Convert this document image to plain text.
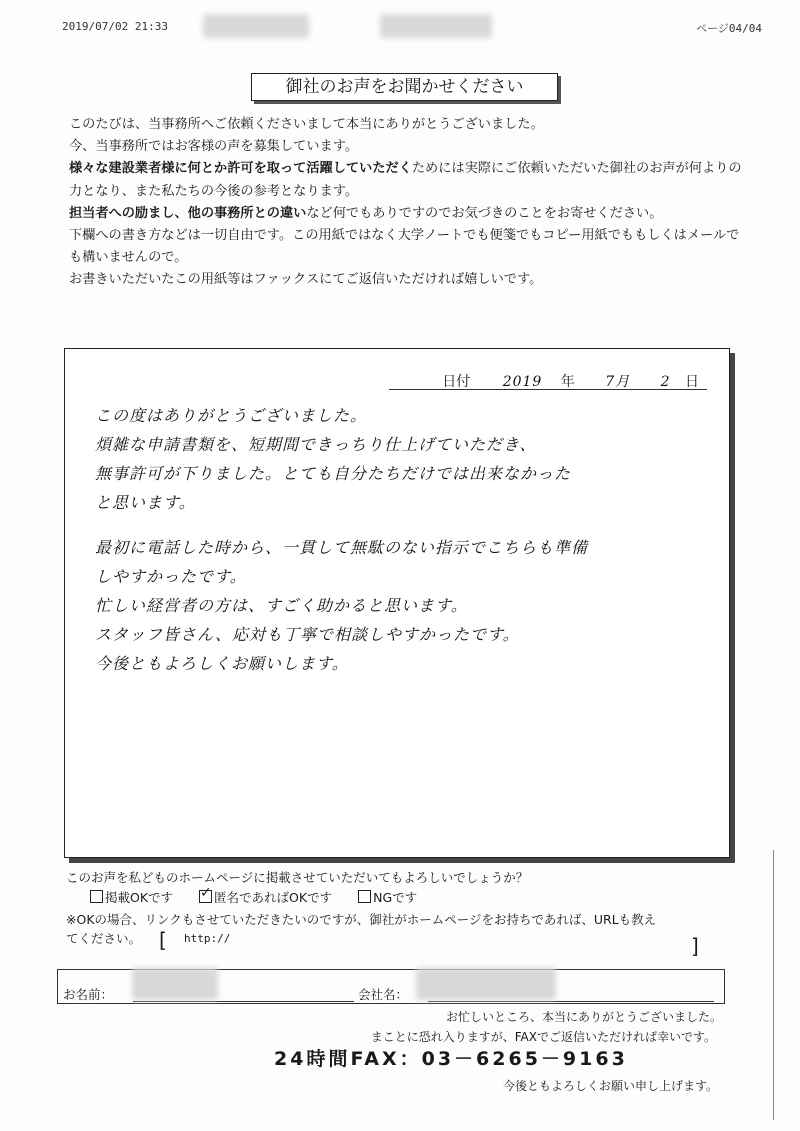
2019/07/02 21:33	ページ04/04
御社のお声をお聞かせください

このたびは、当事務所へご依頼くださいまして本当にありがとうございました。

今、当事務所ではお客様の声を募集しています。

様々な建設業者様に何とか許可を取って活躍していただくためには実際にご依頼いただいた御社のお声が何よりの力となり、また私たちの今後の参考となります。

担当者への励まし、他の事務所との違いなど何でもありですのでお気づきのことをお寄せください。

下欄への書き方などは一切自由です。この用紙ではなく大学ノートでも便箋でもコピー用紙でももしくはメールでも構いませんので。

お書きいただいたこの用紙等はファックスにてご返信いただければ嬉しいです。

日付 2019 年 7月 2 日
この度はありがとうございました。
煩雑な申請書類を、短期間できっちり仕上げていただき、
無事許可が下りました。とても自分たちだけでは出来なかった
と思います。
最初に電話した時から、一貫して無駄のない指示でこちらも準備
しやすかったです。
忙しい経営者の方は、すごく助かると思います。
スタッフ皆さん、応対も丁寧で相談しやすかったです。
今後ともよろしくお願いします。

このお声を私どものホームページに掲載させていただいてもよろしいでしょうか？

掲載OKです✓	匿名であればOKです	NGです

※OKの場合、リンクもさせていただきたいのですが、御社がホームページをお持ちであれば、URLも教え

てください。 [ http://	]
お名前：	会社名：
お忙しいところ、本当にありがとうございました。
まことに恐れ入りますが、FAXでご返信いただければ幸いです。
24時間FAX：03－6265－9163
今後ともよろしくお願い申し上げます。
